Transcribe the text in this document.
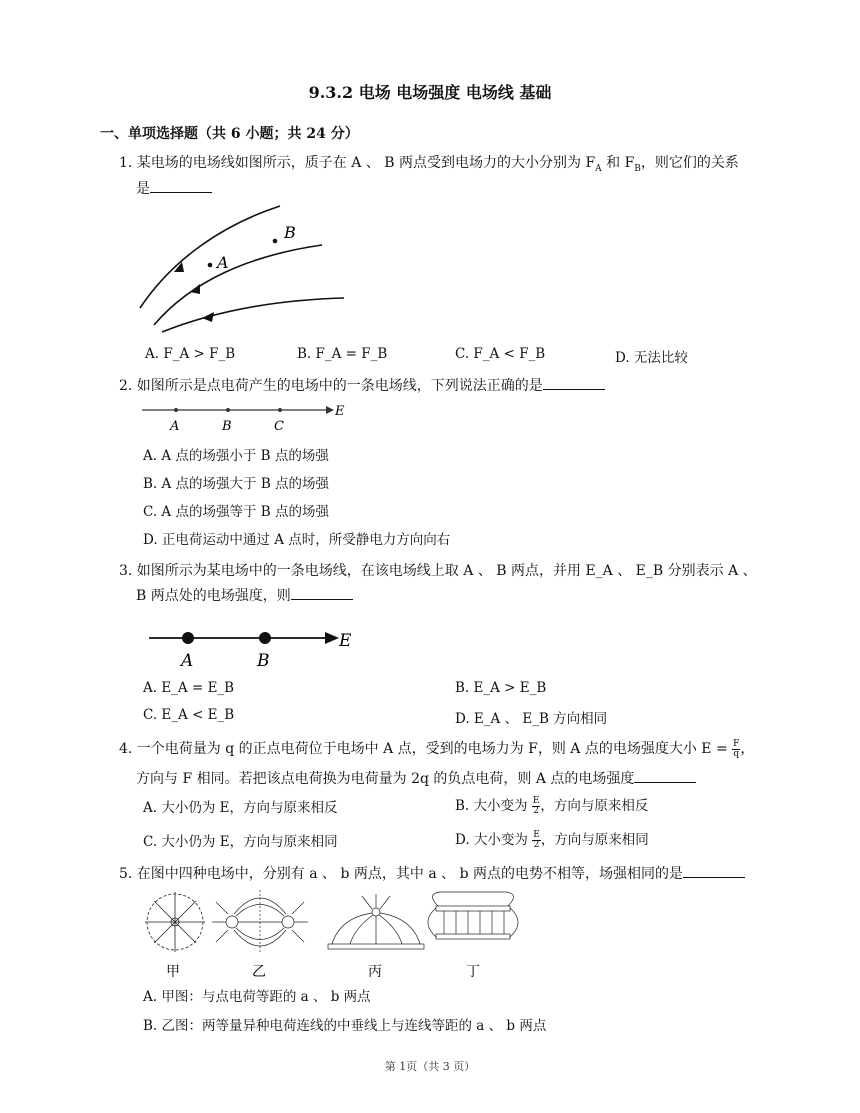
9.3.2 电场 电场强度 电场线 基础
一、单项选择题（共 6 小题；共 24 分）
1. 某电场的电场线如图所示，质子在 A 、 B 两点受到电场力的大小分别为 $F_A$ 和 $F_B$，则它们的关系
是
A
B
A. F_A > F_B	B. F_A = F_B	C. F_A < F_B	D. 无法比较
2. 如图所示是点电荷产生的电场中的一条电场线，下列说法正确的是
A	B	C
E
A. A 点的场强小于 B 点的场强
B. A 点的场强大于 B 点的场强
C. A 点的场强等于 B 点的场强
D. 正电荷运动中通过 A 点时，所受静电力方向向右
3. 如图所示为某电场中的一条电场线，在该电场线上取 A 、 B 两点，并用 E_A 、 E_B 分别表示 A 、
B 两点处的电场强度，则
A	B
E
A. E_A = E_B	B. E_A > E_B
C. E_A < E_B	D. E_A 、 E_B 方向相同
4. 一个电荷量为 q 的正点电荷位于电场中 A 点，受到的电场力为 F，则 A 点的电场强度大小 $E = \frac{F}{q}$ ，
方向与 F 相同。若把该点电荷换为电荷量为 2q 的负点电荷，则 A 点的电场强度
A. 大小仍为 E，方向与原来相反	B. 大小变为 $\frac{E}{2}$ ，方向与原来相反
C. 大小仍为 E，方向与原来相同	D. 大小变为 $\frac{E}{2}$ ，方向与原来相同
5. 在图中四种电场中，分别有 a 、 b 两点，其中 a 、 b 两点的电势不相等，场强相同的是
甲	乙	丙	丁
A. 甲图：与点电荷等距的 a 、 b 两点
B. 乙图：两等量异种电荷连线的中垂线上与连线等距的 a 、 b 两点
第 1页（共 3 页）
